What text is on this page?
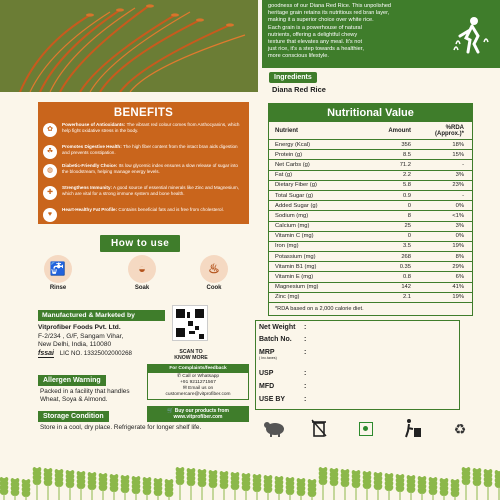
goodness of our Diana Red Rice. This unpolished
heritage grain retains its nutritious red bran layer,
making it a superior choice over white rice.
Each grain is a powerhouse of natural
nutrients, offering a delightful chewy
texture that elevates any meal. It's not
just rice, it's a step towards a healthier,
more conscious lifestyle.

Ingredients
Diana Red Rice
BENEFITS
✿
Powerhouse of Antioxidants: The vibrant red colour comes from Anthocyanins, which help fight oxidative stress in the body.
☘
Promotes Digestive Health: The high fiber content from the intact bran aids digestion and prevents constipation.
◍
Diabetic-Friendly Choice: Its low glycemic index ensures a slow release of sugar into the bloodstream, helping manage energy levels.
✚
Strengthens Immunity: A good source of essential minerals like Zinc and Magnesium, which are vital for a strong immune system and bone health.
♥
Heart-Healthy Fat Profile: Contains beneficial fats and is free from cholesterol.
How to use
🚰
Rinse
◒
Soak
♨
Cook
Manufactured & Marketed by
Vitprofiber Foods Pvt. Ltd.
F-2/234 , G/F, Sangam Vihar,
New Delhi, India, 110080
fssai LIC NO. 13325002000268	SCAN TO
KNOW MORE
For Complaints/feedback
✆ Call or Whatsapp
+91 9211271567
✉ Email us on
customercare@vitprofiber.com
🛒 Buy our products from
www.vitprofiber.com
Allergen Warning
Packed in a facility that handles
Wheat, Soya & Almond.
Storage Condition
Store in a cool, dry place. Refrigerate for longer shelf life.
Nutritional Value
Nutrient	Amount	%RDA (Approx.)*
Energy (Kcal)	356	18%
Protein (g)	8.5	15%
Net Carbs (g)	71.2	-
Fat (g)	2.2	3%
Dietary Fiber (g)	5.8	23%
Total Sugar (g)	0.9	-
Added Sugar (g)	0	0%
Sodium (mg)	8	<1%
Calcium (mg)	25	3%
Vitamin C (mg)	0	0%
Iron (mg)	3.5	19%
Potassium (mg)	268	8%
Vitamin B1 (mg)	0.35	29%
Vitamin E (mg)	0.8	6%
Magnesium (mg)	142	41%
Zinc (mg)	2.1	19%
*RDA based on a 2,000 calorie diet.
Net Weight :
Batch No. :
MRP
( Inc.taxes)
:
USP	:
MFD	:
USE BY	:
♻
